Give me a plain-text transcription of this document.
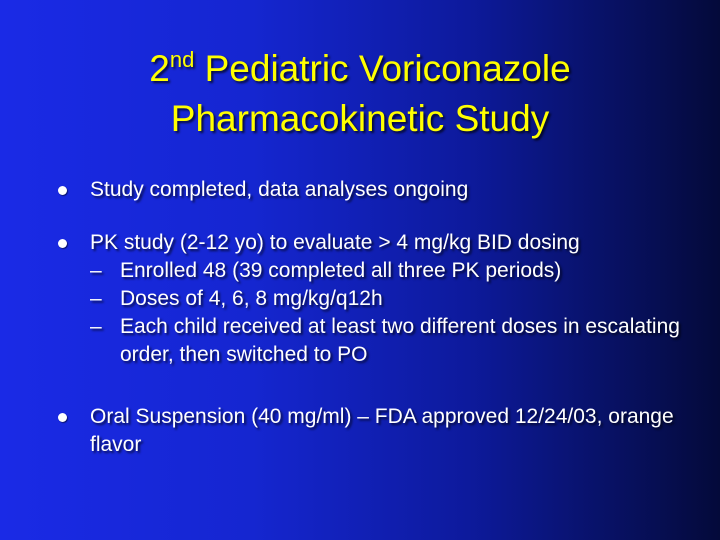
2nd Pediatric Voriconazole
Pharmacokinetic Study
Study completed, data analyses ongoing
PK study (2-12 yo) to evaluate > 4 mg/kg BID dosing
– Enrolled 48 (39 completed all three PK periods)
– Doses of 4, 6, 8 mg/kg/q12h
– Each child received at least two different doses in escalating order, then switched to PO
Oral Suspension (40 mg/ml) – FDA approved 12/24/03, orange flavor
